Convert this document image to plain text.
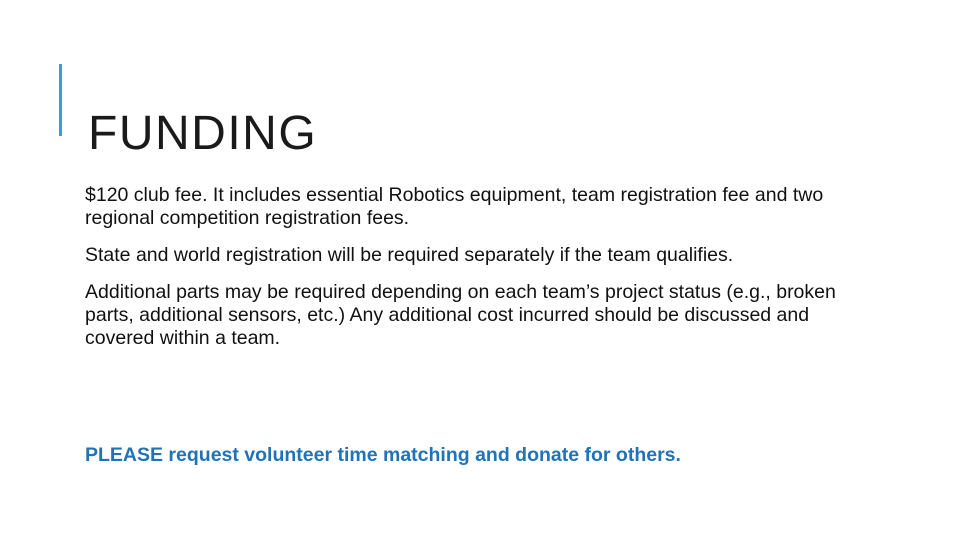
FUNDING

$120 club fee. It includes essential Robotics equipment, team registration fee and two regional competition registration fees.

State and world registration will be required separately if the team qualifies.

Additional parts may be required depending on each team’s project status (e.g., broken parts, additional sensors, etc.) Any additional cost incurred should be discussed and covered within a team.

PLEASE request volunteer time matching and donate for others.
